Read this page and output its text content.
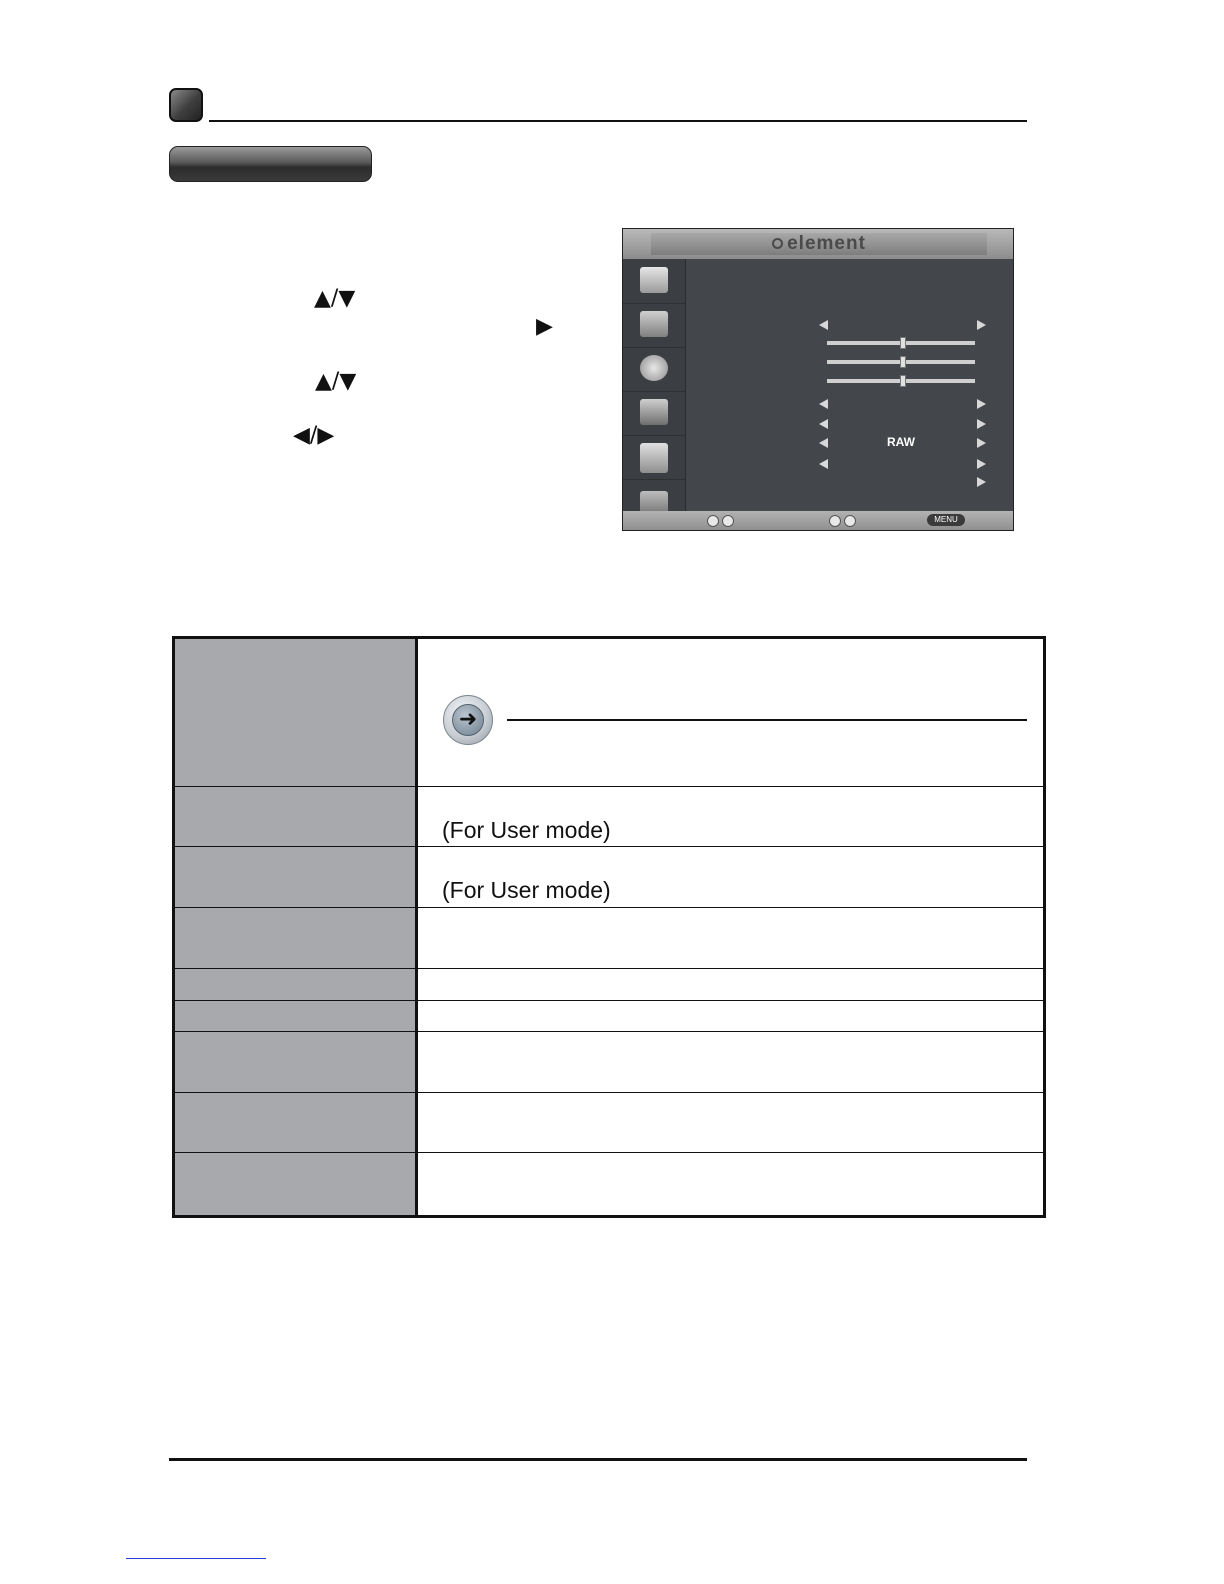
▲/▼
▶
▲/▼
◀/▶
element
RAW
MENU
➜
(For User mode)
(For User mode)
